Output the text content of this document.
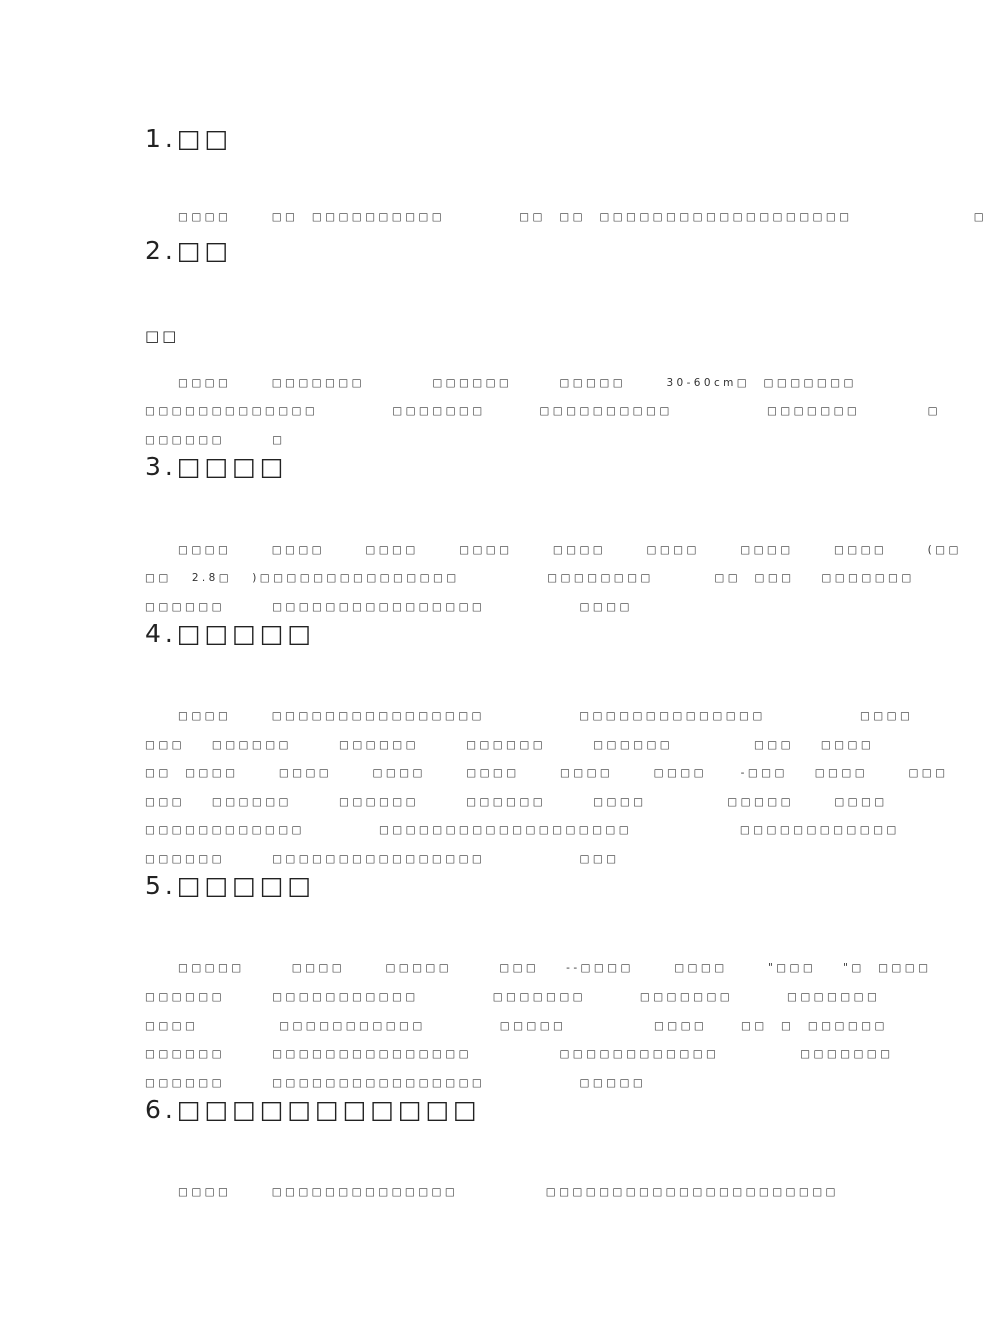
1.□□
□□□□      □□  □□□□□□□□□□           □□  □□  □□□□□□□□□□□□□□□□□□□                  □
2.□□
□□
□□□□      □□□□□□□          □□□□□□       □□□□□      30-60cm□  □□□□□□□
□□□□□□□□□□□□□           □□□□□□□        □□□□□□□□□□              □□□□□□□          □
□□□□□□       □
3.□□□□
□□□□      □□□□      □□□□      □□□□      □□□□      □□□□      □□□□      □□□□      (□□
□□   2.8□   )□□□□□□□□□□□□□□□             □□□□□□□□         □□  □□□    □□□□□□□
□□□□□□       □□□□□□□□□□□□□□□□              □□□□
4.□□□□□
□□□□      □□□□□□□□□□□□□□□□              □□□□□□□□□□□□□□              □□□□
□□□    □□□□□□       □□□□□□       □□□□□□       □□□□□□            □□□    □□□□
□□  □□□□      □□□□      □□□□      □□□□      □□□□      □□□□     -□□□    □□□□      □□□
□□□    □□□□□□       □□□□□□       □□□□□□       □□□□            □□□□□      □□□□
□□□□□□□□□□□□           □□□□□□□□□□□□□□□□□□□                □□□□□□□□□□□□
□□□□□□       □□□□□□□□□□□□□□□□              □□□
5.□□□□□
□□□□□       □□□□      □□□□□       □□□    --□□□□      □□□□      "□□□    "□  □□□□
□□□□□□       □□□□□□□□□□□           □□□□□□□        □□□□□□□        □□□□□□□
□□□□            □□□□□□□□□□□           □□□□□             □□□□     □□  □  □□□□□□
□□□□□□       □□□□□□□□□□□□□□□             □□□□□□□□□□□□            □□□□□□□
□□□□□□       □□□□□□□□□□□□□□□□              □□□□□
6.□□□□□□□□□□□
□□□□      □□□□□□□□□□□□□□             □□□□□□□□□□□□□□□□□□□□□□
